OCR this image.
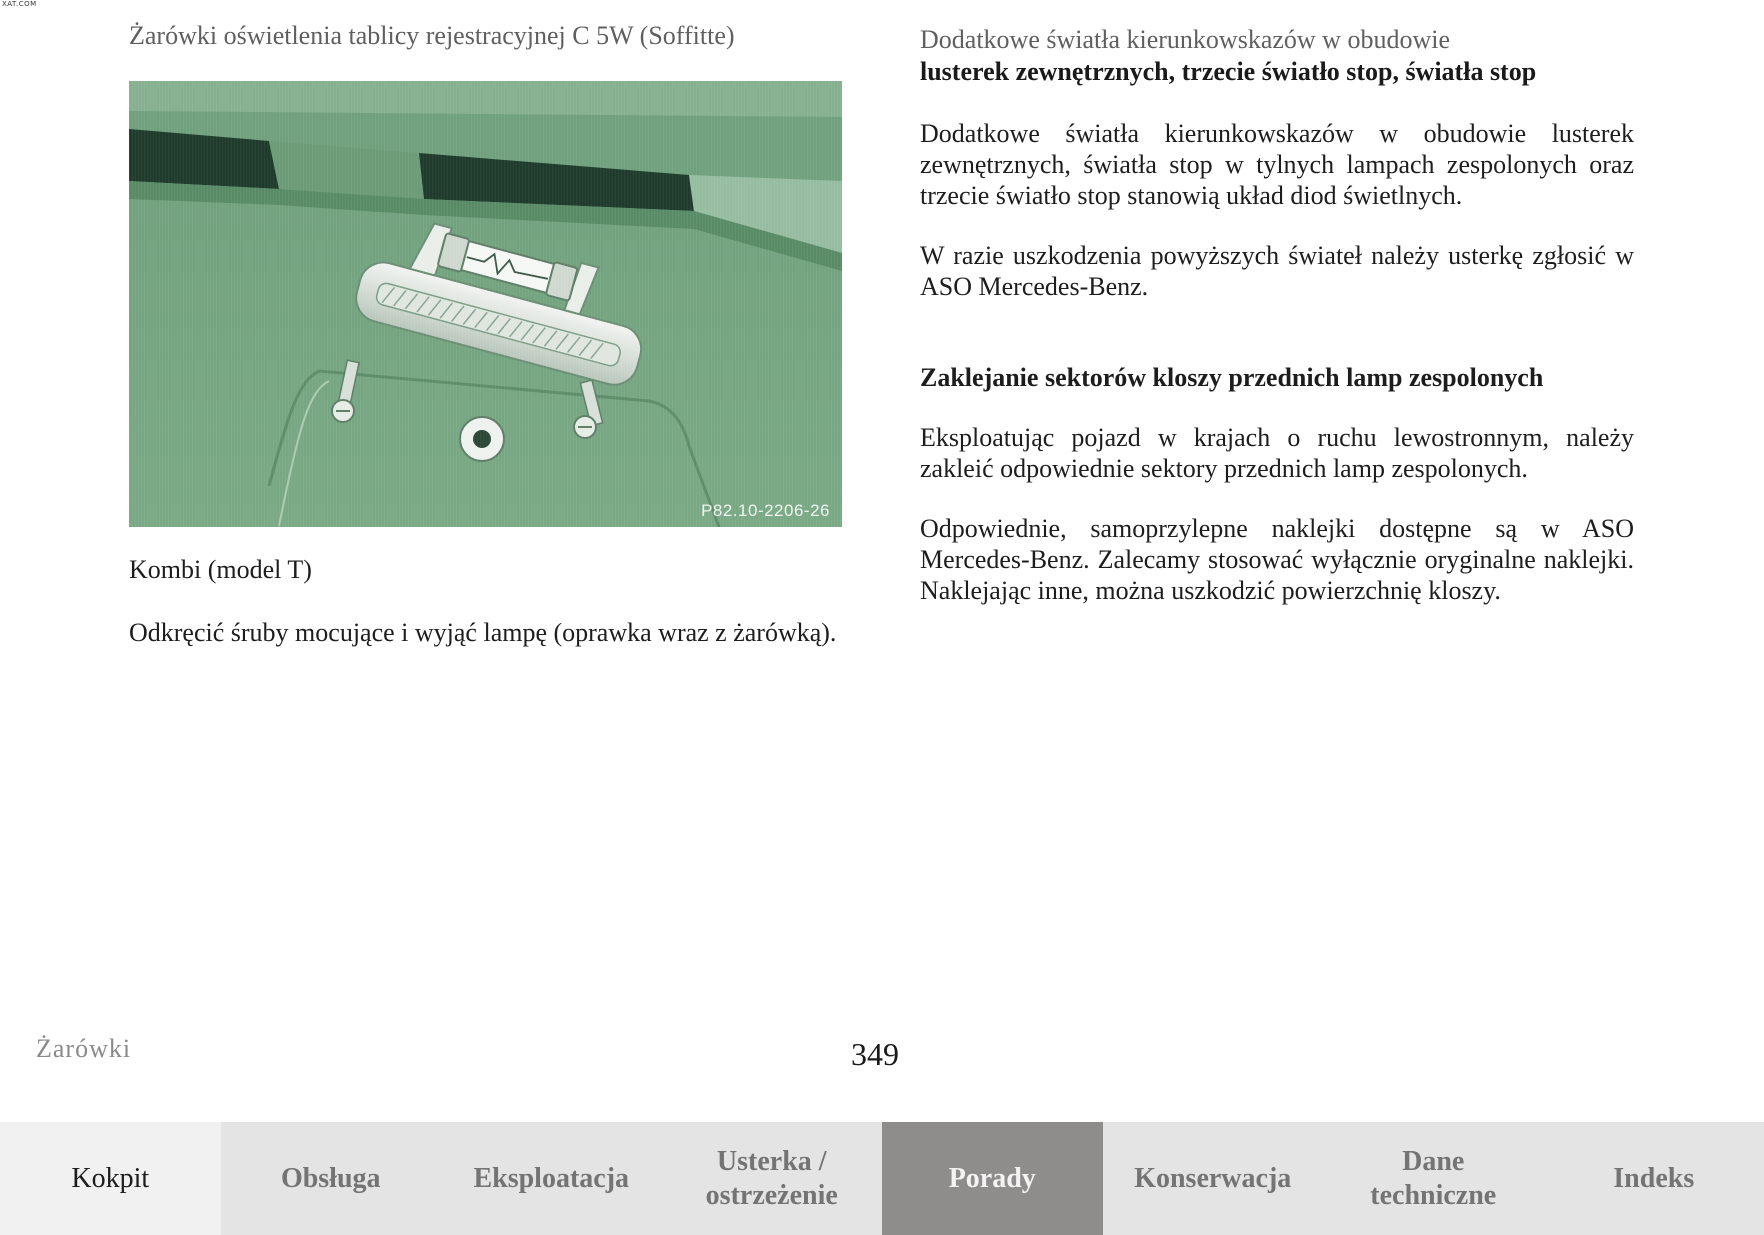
XAT.COM
Żarówki oświetlenia tablicy rejestracyjnej C 5W (Soffitte)
P82.10-2206-26

Kombi (model T)

Odkręcić śruby mocujące i wyjąć lampę (oprawka wraz z żarówką).

Dodatkowe światła kierunkowskazów w obudowie

lusterek zewnętrznych, trzecie światło stop, światła stop

Dodatkowe światła kierunkowskazów w obudowie lusterek zewnętrznych, światła stop w tylnych lampach zespolonych oraz trzecie światło stop stanowią układ diod świetlnych.

W razie uszkodzenia powyższych świateł należy usterkę zgłosić w ASO Mercedes-Benz.

Zaklejanie sektorów kloszy przednich lamp zespolonych

Eksploatując pojazd w krajach o ruchu lewostronnym, należy zakleić odpowiednie sektory przednich lamp zespolonych.

Odpowiednie, samoprzylepne naklejki dostępne są w ASO Mercedes-Benz. Zalecamy stosować wyłącznie oryginalne naklejki. Naklejając inne, można uszkodzić powierzchnię kloszy.

Żarówki	349
Kokpit	Obsługa	Eksploatacja
Usterka /
ostrzeżenie
Porady	Konserwacja
Dane
techniczne
Indeks
